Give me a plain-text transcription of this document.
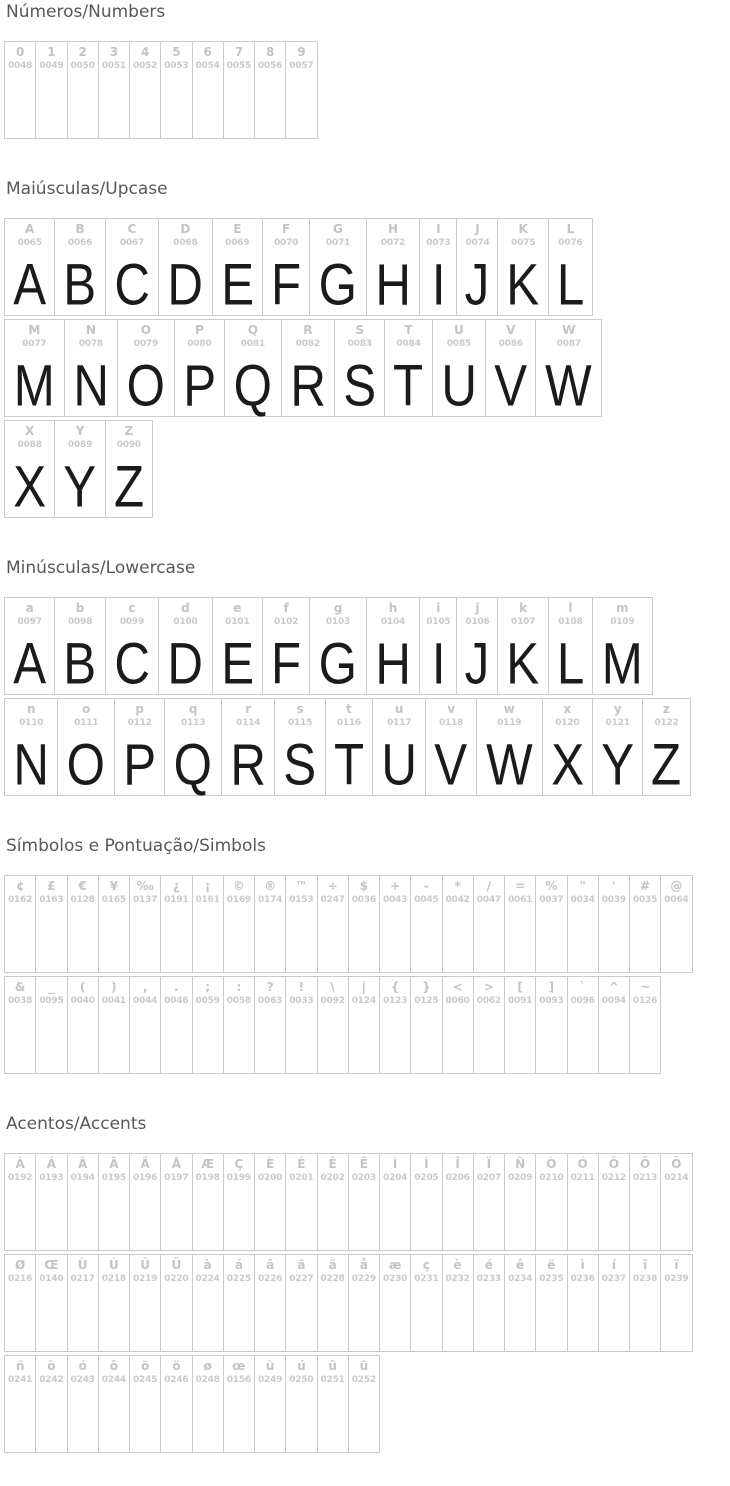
Números/Numbers
0
0048

1
0049

2
0050

3
0051

4
0052

5
0053

6
0054

7
0055

8
0056

9
0057
Maiúsculas/Upcase
A
0065
A

B
0066
B

C
0067
C

D
0068
D

E
0069
E

F
0070
F

G
0071
G

H
0072
H

I
0073
I

J
0074
J

K
0075
K

L
0076
L
M
0077
M

N
0078
N

O
0079
O

P
0080
P

Q
0081
Q

R
0082
R

S
0083
S

T
0084
T

U
0085
U

V
0086
V

W
0087
W
X
0088
X

Y
0089
Y

Z
0090
Z
Minúsculas/Lowercase
a
0097
A

b
0098
B

c
0099
C

d
0100
D

e
0101
E

f
0102
F

g
0103
G

h
0104
H

i
0105
I

j
0106
J

k
0107
K

l
0108
L

m
0109
M
n
0110
N

o
0111
O

p
0112
P

q
0113
Q

r
0114
R

s
0115
S

t
0116
T

u
0117
U

v
0118
V

w
0119
W

x
0120
X

y
0121
Y

z
0122
Z
Símbolos e Pontuação/Simbols
¢
0162

£
0163

€
0128

¥
0165

‰
0137

¿
0191

¡
0161

©
0169

®
0174

™
0153

÷
0247

$
0036

+
0043

-
0045

*
0042

/
0047

=
0061

%
0037

"
0034

'
0039

#
0035

@
0064
&
0038

_
0095

(
0040

)
0041

,
0044

.
0046

;
0059

:
0058

?
0063

!
0033

\
0092

|
0124

{
0123

}
0125

<
0060

>
0062

[
0091

]
0093

`
0096

^
0094

~
0126
Acentos/Accents
À
0192

Á
0193

Â
0194

Ã
0195

Ä
0196

Å
0197

Æ
0198

Ç
0199

È
0200

É
0201

Ê
0202

Ë
0203

Ì
0204

Í
0205

Î
0206

Ï
0207

Ñ
0209

Ò
0210

Ó
0211

Ô
0212

Õ
0213

Ö
0214
Ø
0216

Œ
0140

Ù
0217

Ú
0218

Û
0219

Ü
0220

à
0224

á
0225

â
0226

ã
0227

ä
0228

å
0229

æ
0230

ç
0231

è
0232

é
0233

ê
0234

ë
0235

ì
0236

í
0237

î
0238

ï
0239
ñ
0241

ò
0242

ó
0243

ô
0244

õ
0245

ö
0246

ø
0248

œ
0156

ù
0249

ú
0250

û
0251

ü
0252
